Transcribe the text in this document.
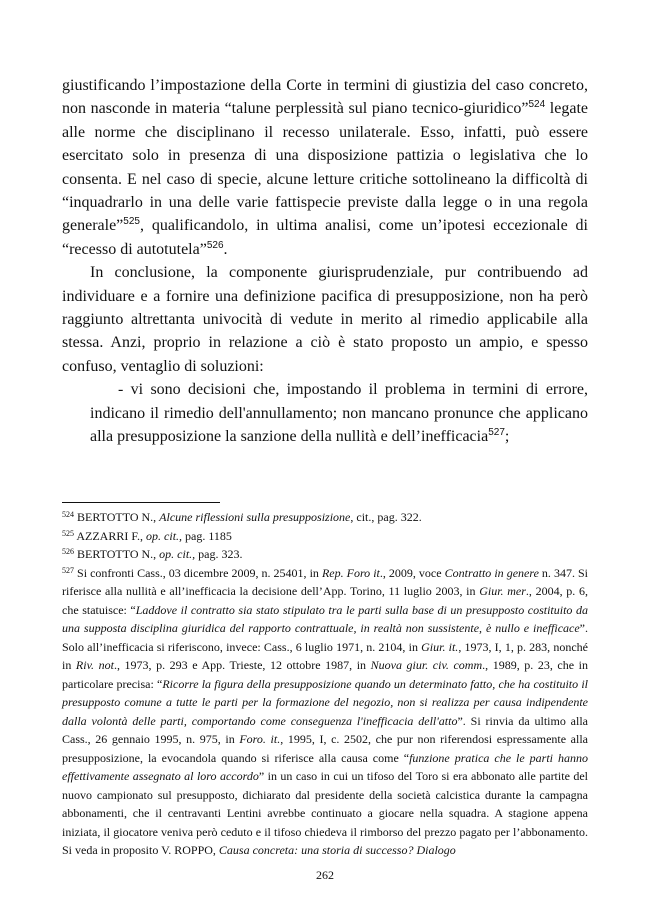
giustificando l’impostazione della Corte in termini di giustizia del caso concreto, non nasconde in materia “talune perplessità sul piano tecnico-giuridico”$^{524}$ legate alle norme che disciplinano il recesso unilaterale. Esso, infatti, può essere esercitato solo in presenza di una disposizione pattizia o legislativa che lo consenta. E nel caso di specie, alcune letture critiche sottolineano la difficoltà di “inquadrarlo in una delle varie fattispecie previste dalla legge o in una regola generale”$^{525}$, qualificandolo, in ultima analisi, come un’ipotesi eccezionale di “recesso di autotutela”$^{526}$.

In conclusione, la componente giurisprudenziale, pur contribuendo ad individuare e a fornire una definizione pacifica di presupposizione, non ha però raggiunto altrettanta univocità di vedute in merito al rimedio applicabile alla stessa. Anzi, proprio in relazione a ciò è stato proposto un ampio, e spesso confuso, ventaglio di soluzioni:

- vi sono decisioni che, impostando il problema in termini di errore, indicano il rimedio dell'annullamento; non mancano pronunce che applicano alla presupposizione la sanzione della nullità e dell’inefficacia$^{527}$;

$^{524}$ BERTOTTO N., Alcune riflessioni sulla presupposizione, cit., pag. 322.

$^{525}$ AZZARRI F., op. cit., pag. 1185

$^{526}$ BERTOTTO N., op. cit., pag. 323.

$^{527}$ Si confronti Cass., 03 dicembre 2009, n. 25401, in Rep. Foro it., 2009, voce Contratto in genere n. 347. Si riferisce alla nullità e all’inefficacia la decisione dell’App. Torino, 11 luglio 2003, in Giur. mer., 2004, p. 6, che statuisce: “Laddove il contratto sia stato stipulato tra le parti sulla base di un presupposto costituito da una supposta disciplina giuridica del rapporto contrattuale, in realtà non sussistente, è nullo e inefficace”. Solo all’inefficacia si riferiscono, invece: Cass., 6 luglio 1971, n. 2104, in Giur. it., 1973, I, 1, p. 283, nonché in Riv. not., 1973, p. 293 e App. Trieste, 12 ottobre 1987, in Nuova giur. civ. comm., 1989, p. 23, che in particolare precisa: “Ricorre la figura della presupposizione quando un determinato fatto, che ha costituito il presupposto comune a tutte le parti per la formazione del negozio, non si realizza per causa indipendente dalla volontà delle parti, comportando come conseguenza l'inefficacia dell'atto”. Si rinvia da ultimo alla Cass., 26 gennaio 1995, n. 975, in Foro. it., 1995, I, c. 2502, che pur non riferendosi espressamente alla presupposizione, la evocandola quando si riferisce alla causa come “funzione pratica che le parti hanno effettivamente assegnato al loro accordo” in un caso in cui un tifoso del Toro si era abbonato alle partite del nuovo campionato sul presupposto, dichiarato dal presidente della società calcistica durante la campagna abbonamenti, che il centravanti Lentini avrebbe continuato a giocare nella squadra. A stagione appena iniziata, il giocatore veniva però ceduto e il tifoso chiedeva il rimborso del prezzo pagato per l’abbonamento. Si veda in proposito V. ROPPO, Causa concreta: una storia di successo? Dialogo

262
